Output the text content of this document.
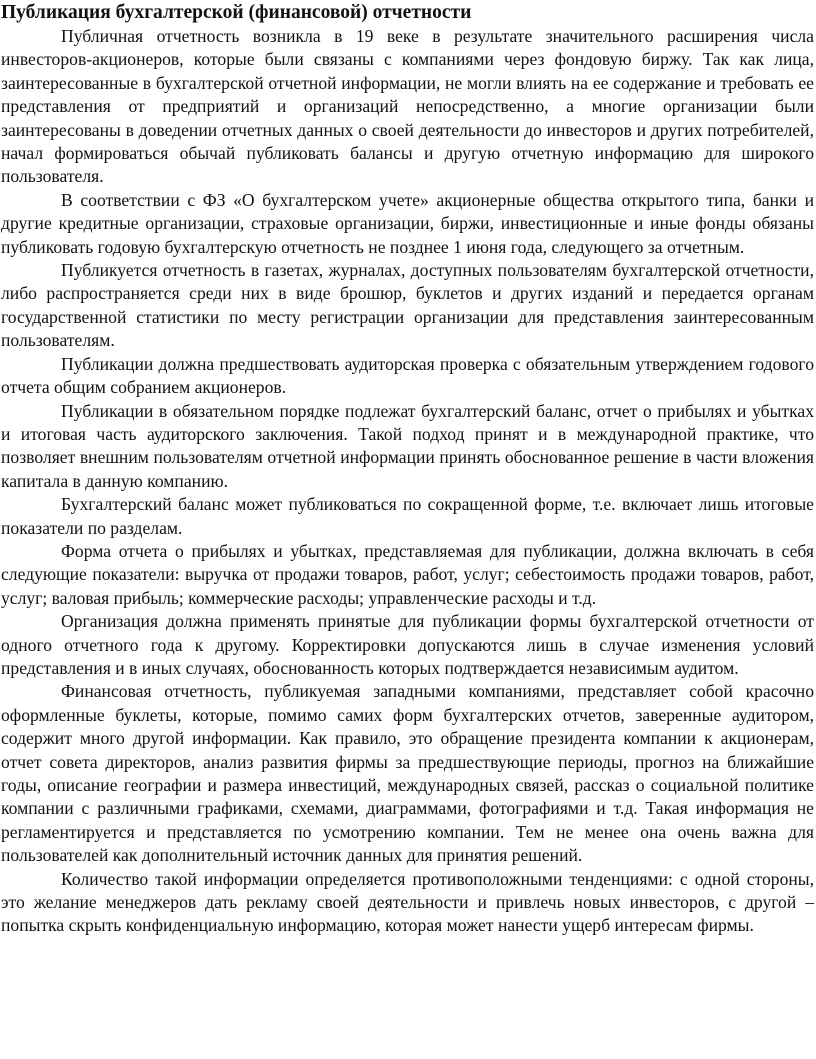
Публикация бухгалтерской (финансовой) отчетности

Публичная отчетность возникла в 19 веке в результате значительного расширения числа инвесторов-акционеров, которые были связаны с компаниями через фондовую биржу. Так как лица, заинтересованные в бухгалтерской отчетной информации, не могли влиять на ее содержание и требовать ее представления от предприятий и организаций непосредственно, а многие организации были заинтересованы в доведении отчетных данных о своей деятельности до инвесторов и других потребителей, начал формироваться обычай публиковать балансы и другую отчетную информацию для широкого пользователя.

В соответствии с ФЗ «О бухгалтерском учете» акционерные общества открытого типа, банки и другие кредитные организации, страховые организации, биржи, инвестиционные и иные фонды обязаны публиковать годовую бухгалтерскую отчетность не позднее 1 июня года, следующего за отчетным.

Публикуется отчетность в газетах, журналах, доступных пользователям бухгалтерской отчетности, либо распространяется среди них в виде брошюр, буклетов и других изданий и передается органам государственной статистики по месту регистрации организации для представления заинтересованным пользователям.

Публикации должна предшествовать аудиторская проверка с обязательным утверждением годового отчета общим собранием акционеров.

Публикации в обязательном порядке подлежат бухгалтерский баланс, отчет о прибылях и убытках и итоговая часть аудиторского заключения. Такой подход принят и в международной практике, что позволяет внешним пользователям отчетной информации принять обоснованное решение в части вложения капитала в данную компанию.

Бухгалтерский баланс может публиковаться по сокращенной форме, т.е. включает лишь итоговые показатели по разделам.

Форма отчета о прибылях и убытках, представляемая для публикации, должна включать в себя следующие показатели: выручка от продажи товаров, работ, услуг; себестоимость продажи товаров, работ, услуг; валовая прибыль; коммерческие расходы; управленческие расходы и т.д.

Организация должна применять принятые для публикации формы бухгалтерской отчетности от одного отчетного года к другому. Корректировки допускаются лишь в случае изменения условий представления и в иных случаях, обоснованность которых подтверждается независимым аудитом.

Финансовая отчетность, публикуемая западными компаниями, представляет собой красочно оформленные буклеты, которые, помимо самих форм бухгалтерских отчетов, заверенные аудитором, содержит много другой информации. Как правило, это обращение президента компании к акционерам, отчет совета директоров, анализ развития фирмы за предшествующие периоды, прогноз на ближайшие годы, описание географии и размера инвестиций, международных связей, рассказ о социальной политике компании с различными графиками, схемами, диаграммами, фотографиями и т.д. Такая информация не регламентируется и представляется по усмотрению компании. Тем не менее она очень важна для пользователей как дополнительный источник данных для принятия решений.

Количество такой информации определяется противоположными тенденциями: с одной стороны, это желание менеджеров дать рекламу своей деятельности и привлечь новых инвесторов, с другой – попытка скрыть конфиденциальную информацию, которая может нанести ущерб интересам фирмы.
